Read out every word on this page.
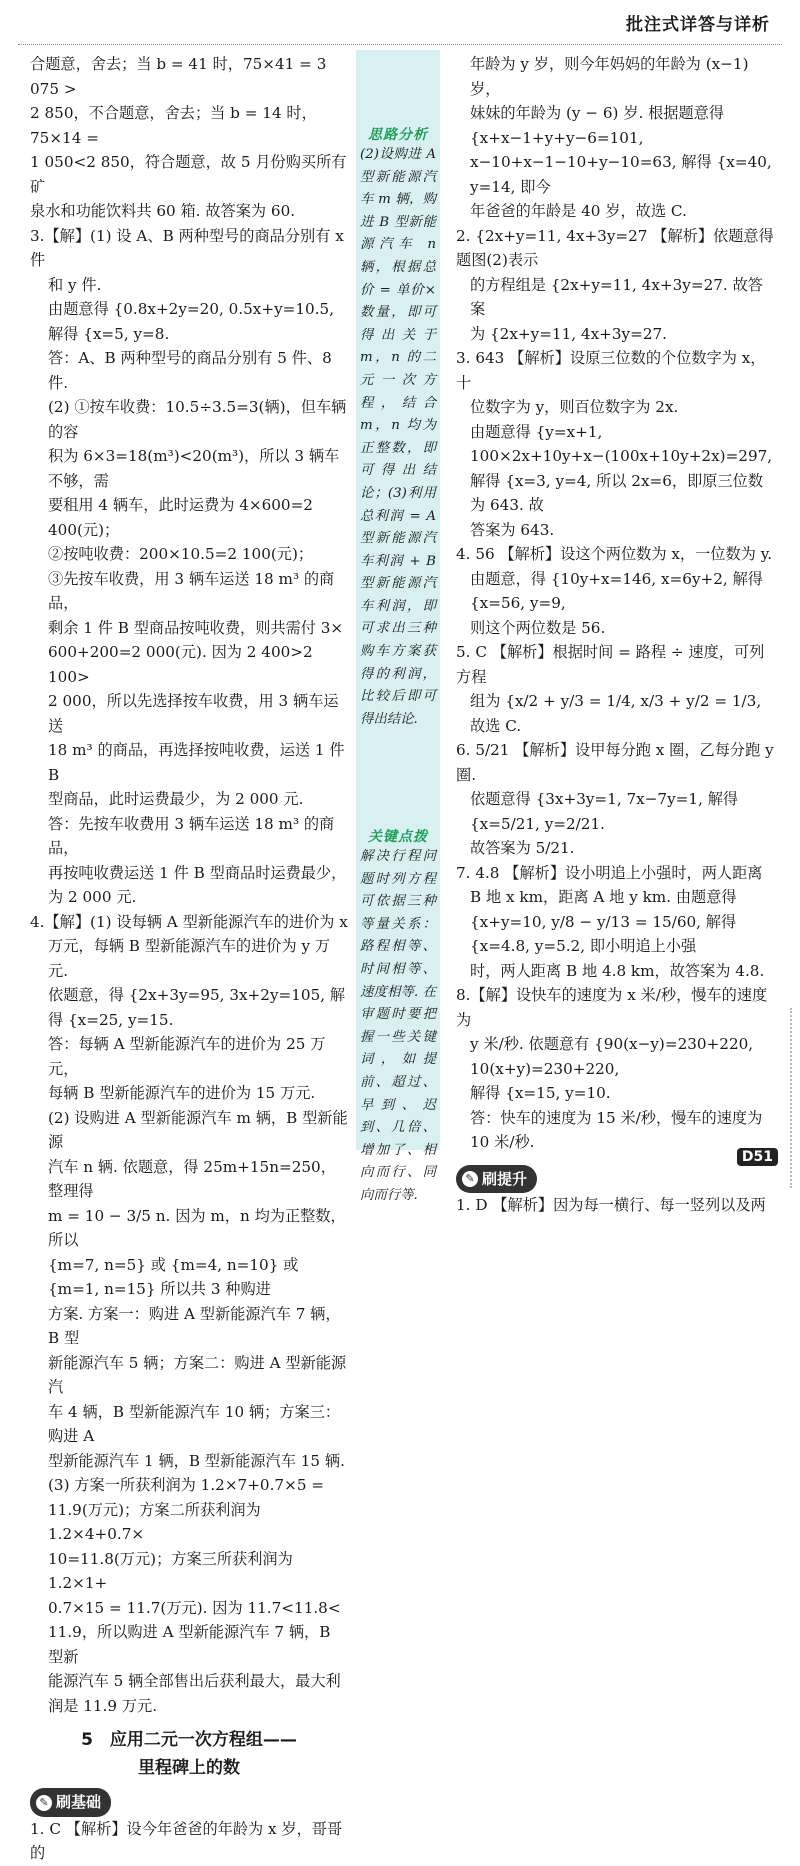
批注式详答与详析

合题意，舍去；当 b = 41 时，75×41 = 3 075 >

2 850，不合题意，舍去；当 b = 14 时，75×14 =

1 050<2 850，符合题意，故 5 月份购买所有矿

泉水和功能饮料共 60 箱. 故答案为 60.

3.【解】(1) 设 A、B 两种型号的商品分别有 x 件

和 y 件.

由题意得 {0.8x+2y=20, 0.5x+y=10.5, 解得 {x=5, y=8.

答：A、B 两种型号的商品分别有 5 件、8 件.

(2) ①按车收费：10.5÷3.5=3(辆)，但车辆的容

积为 6×3=18(m³)<20(m³)，所以 3 辆车不够，需

要租用 4 辆车，此时运费为 4×600=2 400(元)；

②按吨收费：200×10.5=2 100(元)；

③先按车收费，用 3 辆车运送 18 m³ 的商品，

剩余 1 件 B 型商品按吨收费，则共需付 3×

600+200=2 000(元). 因为 2 400>2 100>

2 000，所以先选择按车收费，用 3 辆车运送

18 m³ 的商品，再选择按吨收费，运送 1 件 B

型商品，此时运费最少，为 2 000 元.

答：先按车收费用 3 辆车运送 18 m³ 的商品，

再按吨收费运送 1 件 B 型商品时运费最少，

为 2 000 元.

4.【解】(1) 设每辆 A 型新能源汽车的进价为 x

万元，每辆 B 型新能源汽车的进价为 y 万元.

依题意，得 {2x+3y=95, 3x+2y=105, 解得 {x=25, y=15.

答：每辆 A 型新能源汽车的进价为 25 万元，

每辆 B 型新能源汽车的进价为 15 万元.

(2) 设购进 A 型新能源汽车 m 辆，B 型新能源

汽车 n 辆. 依题意，得 25m+15n=250，整理得

m = 10 − 3/5 n. 因为 m，n 均为正整数，所以

{m=7, n=5} 或 {m=4, n=10} 或 {m=1, n=15} 所以共 3 种购进

方案. 方案一：购进 A 型新能源汽车 7 辆，B 型

新能源汽车 5 辆；方案二：购进 A 型新能源汽

车 4 辆，B 型新能源汽车 10 辆；方案三：购进 A

型新能源汽车 1 辆，B 型新能源汽车 15 辆.

(3) 方案一所获利润为 1.2×7+0.7×5 =

11.9(万元)；方案二所获利润为 1.2×4+0.7×

10=11.8(万元)；方案三所获利润为 1.2×1+

0.7×15 = 11.7(万元). 因为 11.7<11.8<

11.9，所以购进 A 型新能源汽车 7 辆，B 型新

能源汽车 5 辆全部售出后获利最大，最大利

润是 11.9 万元.

5　应用二元一次方程组——
里程碑上的数
✎ 刷基础

1. C 【解析】设今年爸爸的年龄为 x 岁，哥哥的

思路分析
(2)设购进 A 型新能源汽车 m 辆，购进 B 型新能源汽车 n 辆，根据总价 = 单价×数量，即可得出关于 m，n 的二元一次方程，结合 m，n 均为正整数，即可得出结论；(3)利用总利润 = A 型新能源汽车利润 + B 型新能源汽车利润，即可求出三种购车方案获得的利润，比较后即可得出结论.
关键点拨
解决行程问题时列方程可依据三种等量关系：路程相等、时间相等、速度相等. 在审题时要把握一些关键词，如提前、超过、早到、迟到、几倍、增加了、相向而行、同向而行等.

年龄为 y 岁，则今年妈妈的年龄为 (x−1) 岁，

妹妹的年龄为 (y − 6) 岁. 根据题意得

{x+x−1+y+y−6=101, x−10+x−1−10+y−10=63, 解得 {x=40, y=14, 即今

年爸爸的年龄是 40 岁，故选 C.

2. {2x+y=11, 4x+3y=27 【解析】依题意得题图(2)表示

的方程组是 {2x+y=11, 4x+3y=27. 故答案

为 {2x+y=11, 4x+3y=27.

3. 643 【解析】设原三位数的个位数字为 x，十

位数字为 y，则百位数字为 2x.

由题意得 {y=x+1, 100×2x+10y+x−(100x+10y+2x)=297,

解得 {x=3, y=4, 所以 2x=6，即原三位数为 643. 故

答案为 643.

4. 56 【解析】设这个两位数为 x，一位数为 y.

由题意，得 {10y+x=146, x=6y+2, 解得 {x=56, y=9,

则这个两位数是 56.

5. C 【解析】根据时间 = 路程 ÷ 速度，可列方程

组为 {x/2 + y/3 = 1/4, x/3 + y/2 = 1/3, 故选 C.

6. 5/21 【解析】设甲每分跑 x 圈，乙每分跑 y 圈.

依题意得 {3x+3y=1, 7x−7y=1, 解得 {x=5/21, y=2/21.

故答案为 5/21.

7. 4.8 【解析】设小明追上小强时，两人距离

B 地 x km，距离 A 地 y km. 由题意得

{x+y=10, y/8 − y/13 = 15/60, 解得 {x=4.8, y=5.2, 即小明追上小强

时，两人距离 B 地 4.8 km，故答案为 4.8.

8.【解】设快车的速度为 x 米/秒，慢车的速度为

y 米/秒. 依题意有 {90(x−y)=230+220, 10(x+y)=230+220,

解得 {x=15, y=10.

答：快车的速度为 15 米/秒，慢车的速度为

10 米/秒.

✎ 刷提升

1. D 【解析】因为每一横行、每一竖列以及两

D51
